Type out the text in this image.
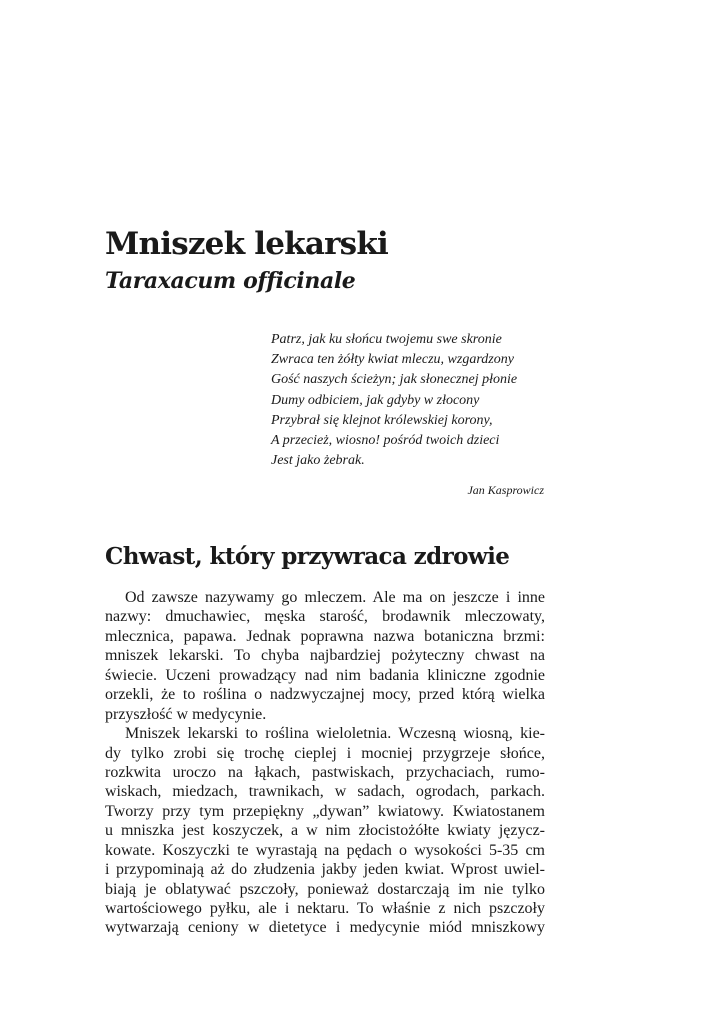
Mniszek lekarski
Taraxacum officinale
Patrz, jak ku słońcu twojemu swe skronie
Zwraca ten żółty kwiat mleczu, wzgardzony
Gość naszych ścieżyn; jak słonecznej płonie
Dumy odbiciem, jak gdyby w złocony
Przybrał się klejnot królewskiej korony,
A przecież, wiosno! pośród twoich dzieci
Jest jako żebrak.

Jan Kasprowicz

Chwast, który przywraca zdrowie
Od zawsze nazywamy go mleczem. Ale ma on jeszcze i inne
nazwy: dmuchawiec, męska starość, brodawnik mleczowaty,
mlecznica, papawa. Jednak poprawna nazwa botaniczna brzmi:
mniszek lekarski. To chyba najbardziej pożyteczny chwast na
świecie. Uczeni prowadzący nad nim badania kliniczne zgodnie
orzekli, że to roślina o nadzwyczajnej mocy, przed którą wielka
przyszłość w medycynie.
Mniszek lekarski to roślina wieloletnia. Wczesną wiosną, kie-
dy tylko zrobi się trochę cieplej i mocniej przygrzeje słońce,
rozkwita uroczo na łąkach, pastwiskach, przychaciach, rumo-
wiskach, miedzach, trawnikach, w sadach, ogrodach, parkach.
Tworzy przy tym przepiękny „dywan” kwiatowy. Kwiatostanem
u mniszka jest koszyczek, a w nim złocistożółte kwiaty języcz-
kowate. Koszyczki te wyrastają na pędach o wysokości 5-35 cm
i przypominają aż do złudzenia jakby jeden kwiat. Wprost uwiel-
biają je oblatywać pszczoły, ponieważ dostarczają im nie tylko
wartościowego pyłku, ale i nektaru. To właśnie z nich pszczoły
wytwarzają ceniony w dietetyce i medycynie miód mniszkowy
